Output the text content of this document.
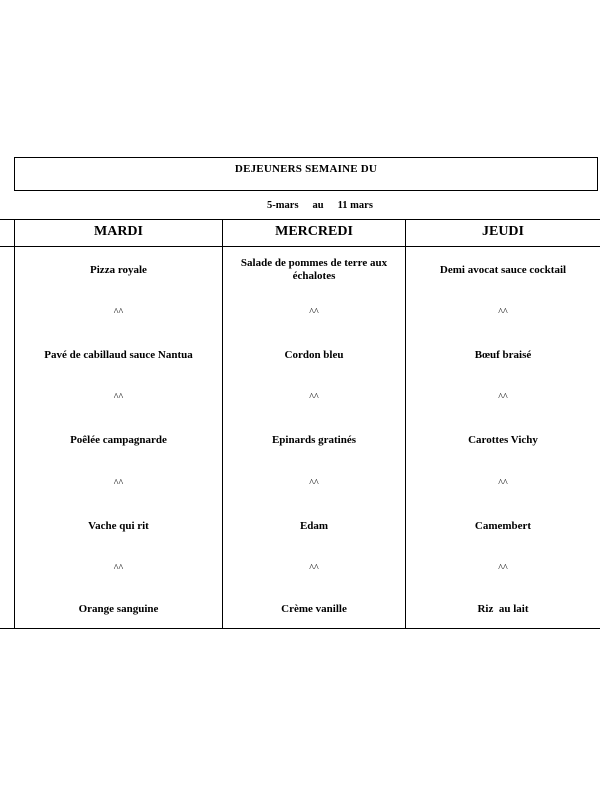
DEJEUNERS SEMAINE DU
5-mars au 11 mars
MARDI
Pizza royale
^^
Pavé de cabillaud sauce Nantua
^^
Poêlée campagnarde
^^
Vache qui rit
^^
Orange sanguine
MERCREDI
Salade de pommes de terre aux échalotes
^^
Cordon bleu
^^
Epinards gratinés
^^
Edam
^^
Crème vanille
JEUDI
Demi avocat sauce cocktail
^^
Bœuf braisé
^^
Carottes Vichy
^^
Camembert
^^
Riz  au lait
